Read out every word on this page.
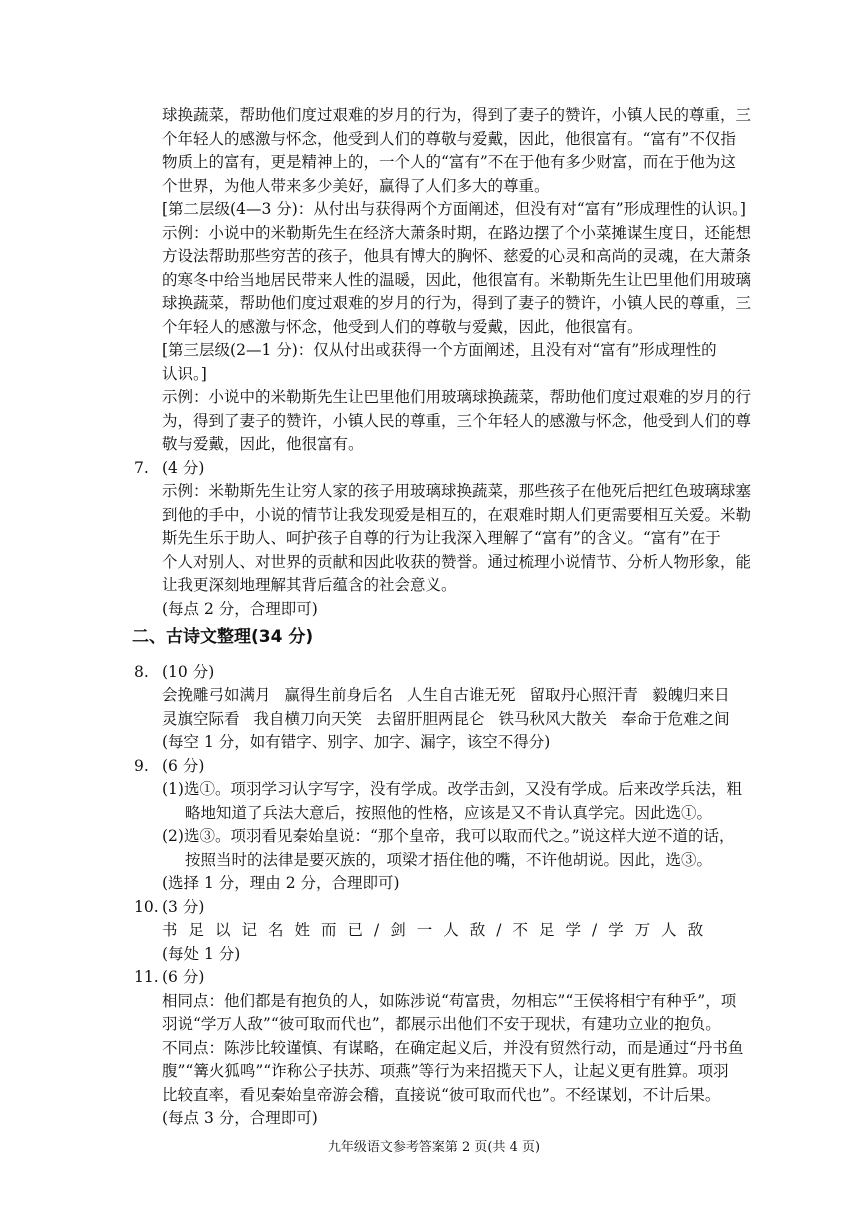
球换蔬菜，帮助他们度过艰难的岁月的行为，得到了妻子的赞许，小镇人民的尊重，三
个年轻人的感激与怀念，他受到人们的尊敬与爱戴，因此，他很富有。“富有”不仅指
物质上的富有，更是精神上的，一个人的“富有”不在于他有多少财富，而在于他为这
个世界，为他人带来多少美好，赢得了人们多大的尊重。
[第二层级(4—3 分)：从付出与获得两个方面阐述，但没有对“富有”形成理性的认识。]
示例：小说中的米勒斯先生在经济大萧条时期，在路边摆了个小菜摊谋生度日，还能想
方设法帮助那些穷苦的孩子，他具有博大的胸怀、慈爱的心灵和高尚的灵魂，在大萧条
的寒冬中给当地居民带来人性的温暖，因此，他很富有。米勒斯先生让巴里他们用玻璃
球换蔬菜，帮助他们度过艰难的岁月的行为，得到了妻子的赞许，小镇人民的尊重，三
个年轻人的感激与怀念，他受到人们的尊敬与爱戴，因此，他很富有。
[第三层级(2—1 分)：仅从付出或获得一个方面阐述，且没有对“富有”形成理性的
认识。]
示例：小说中的米勒斯先生让巴里他们用玻璃球换蔬菜，帮助他们度过艰难的岁月的行
为，得到了妻子的赞许，小镇人民的尊重，三个年轻人的感激与怀念，他受到人们的尊
敬与爱戴，因此，他很富有。
7. (4 分)
示例：米勒斯先生让穷人家的孩子用玻璃球换蔬菜，那些孩子在他死后把红色玻璃球塞
到他的手中，小说的情节让我发现爱是相互的，在艰难时期人们更需要相互关爱。米勒
斯先生乐于助人、呵护孩子自尊的行为让我深入理解了“富有”的含义。“富有”在于
个人对别人、对世界的贡献和因此收获的赞誉。通过梳理小说情节、分析人物形象，能
让我更深刻地理解其背后蕴含的社会意义。
(每点 2 分，合理即可)
二、古诗文整理(34 分)
8. (10 分)
会挽雕弓如满月 赢得生前身后名 人生自古谁无死 留取丹心照汗青 毅魄归来日
灵旗空际看 我自横刀向天笑 去留肝胆两昆仑 铁马秋风大散关 奉命于危难之间
(每空 1 分，如有错字、别字、加字、漏字，该空不得分)
9. (6 分)
(1)选①。项羽学习认字写字，没有学成。改学击剑，又没有学成。后来改学兵法，粗
略地知道了兵法大意后，按照他的性格，应该是又不肯认真学完。因此选①。
(2)选③。项羽看见秦始皇说：“那个皇帝，我可以取而代之。”说这样大逆不道的话，
按照当时的法律是要灭族的，项梁才捂住他的嘴，不许他胡说。因此，选③。
(选择 1 分，理由 2 分，合理即可)
10. (3 分)
书足以记名姓而已/剑一人敌/不足学/学万人敌
(每处 1 分)
11. (6 分)
相同点：他们都是有抱负的人，如陈涉说“苟富贵，勿相忘”“王侯将相宁有种乎”，项
羽说“学万人敌”“彼可取而代也”，都展示出他们不安于现状，有建功立业的抱负。
不同点：陈涉比较谨慎、有谋略，在确定起义后，并没有贸然行动，而是通过“丹书鱼
腹”“篝火狐鸣”“诈称公子扶苏、项燕”等行为来招揽天下人，让起义更有胜算。项羽
比较直率，看见秦始皇帝游会稽，直接说“彼可取而代也”。不经谋划，不计后果。
(每点 3 分，合理即可)
九年级语文参考答案第 2 页(共 4 页)
